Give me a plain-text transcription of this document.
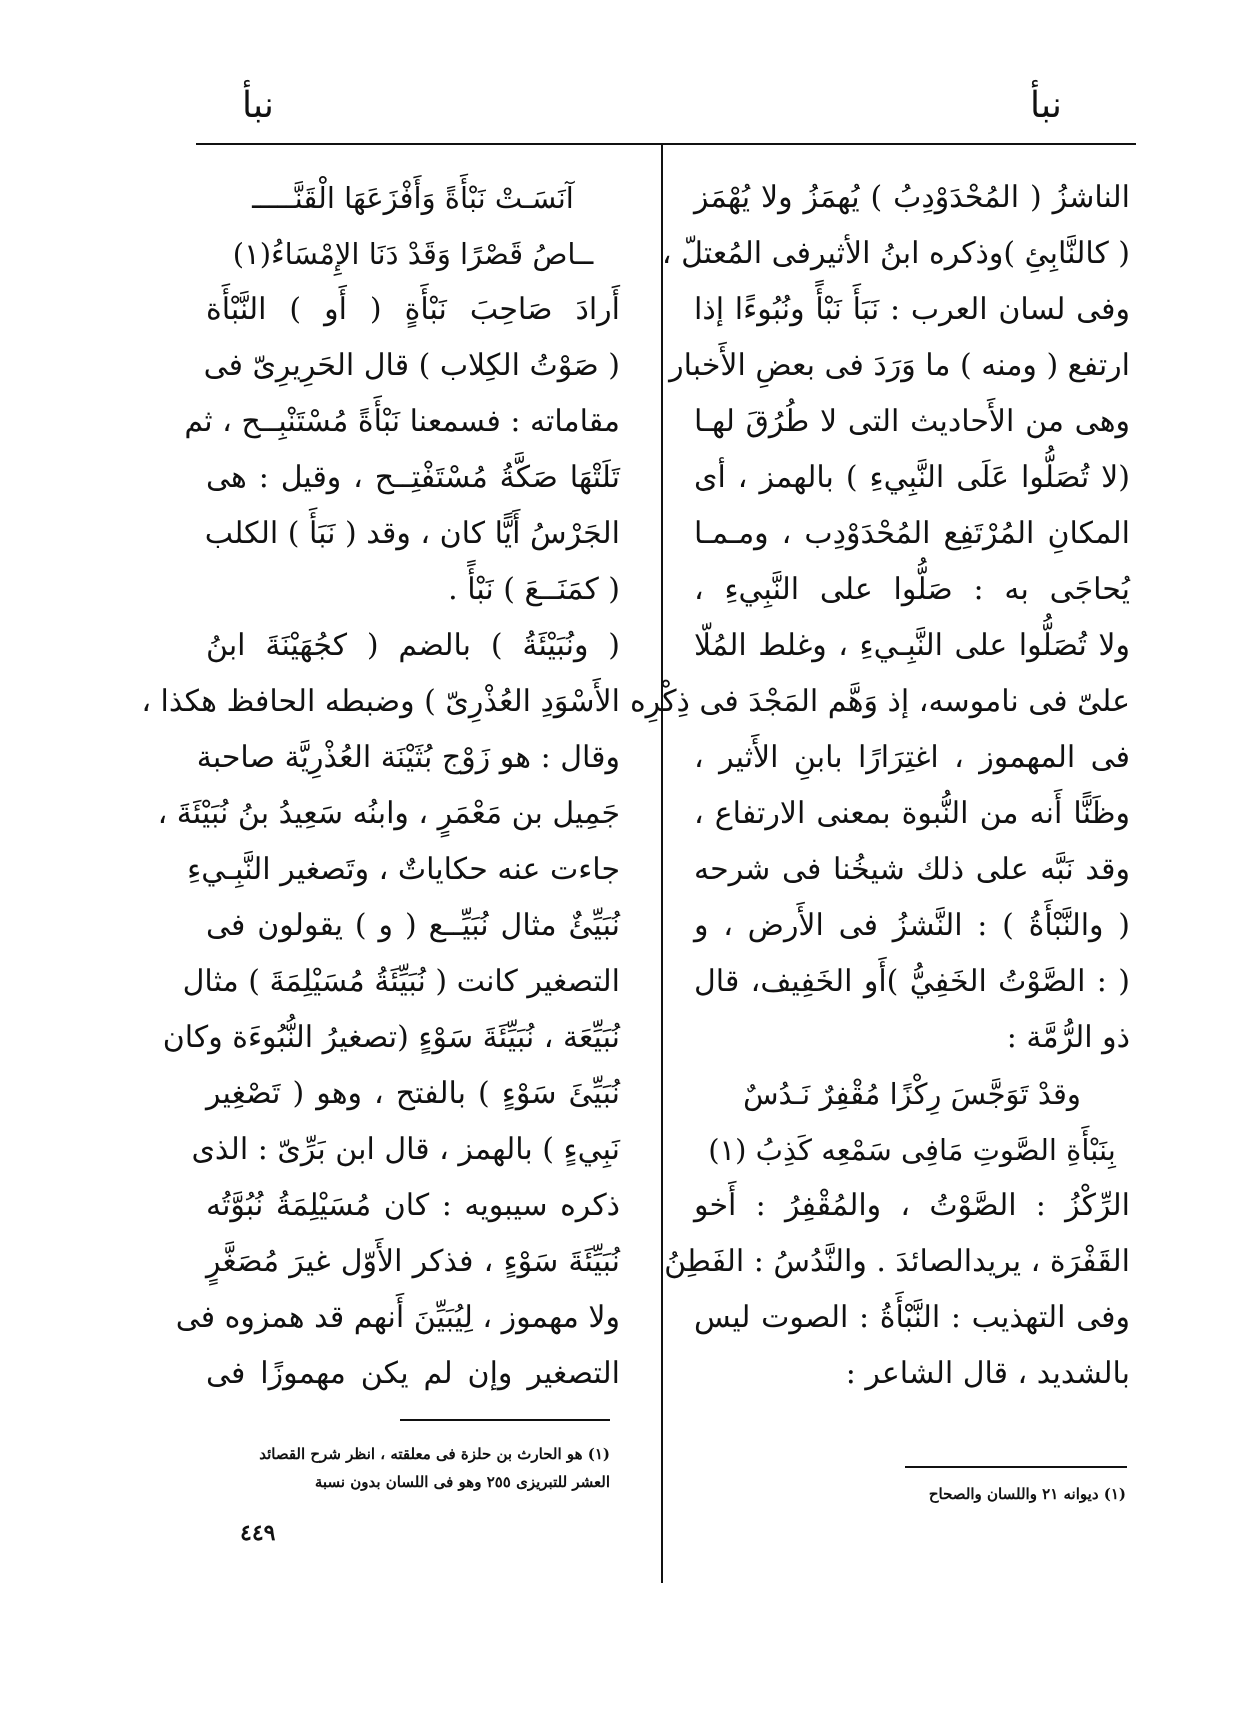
نبأ	نبأ
الناشزُ ( المُحْدَوْدِبُ ) يُهمَزُ ولا يُهْمَز
( كالنَّابِئِ )وذكره ابنُ الأثيرفى المُعتلّ ،
وفى لسان العرب : نَبَأَ نَبْأً ونُبُوءًا إذا
ارتفع ( ومنه ) ما وَرَدَ فى بعضِ الأَخبار
وهى من الأَحاديث التى لا طُرُقَ لهـا
(لا تُصَلُّوا عَلَى النَّبِيءِ ) بالهمز ، أى
المكانِ المُرْتَفِع المُحْدَوْدِب ، ومـمـا
يُحاجَى به : صَلُّوا على النَّبِيءِ ،
ولا تُصَلُّوا على النَّبِـيءِ ، وغلط المُلّا
علىّ فى ناموسه، إذ وَهَّم المَجْدَ فى ذِكْرِه
فى المهموز ، اغتِرَارًا بابنِ الأَثير ،
وظَنًّا أَنه من النُّبوة بمعنى الارتفاع ،
وقد نَبَّه على ذلك شيخُنا فى شرحه
( والنَّبْأَةُ ) : النَّشزُ فى الأَرض ، و
( : الصَّوْتُ الخَفِيُّ )أَو الخَفِيف، قال
ذو الرُّمَّة :
وقدْ تَوَجَّسَ رِكْزًا مُقْفِرٌ نَـدُسٌ
بِنَبْأَةِ الصَّوتِ مَافِى سَمْعِه كَذِبُ (١)
الرِّكْزُ : الصَّوْتُ ، والمُقْفِرُ : أَخو
القَفْرَة ، يريدالصائدَ . والنَّدُسُ : الفَطِنُ
وفى التهذيب : النَّبْأَةُ : الصوت ليس
بالشديد ، قال الشاعر :
آنَسَـتْ نَبْأَةً وَأَفْزَعَهَا الْقَنَّـــــ
ــاصُ قَصْرًا وَقَدْ دَنَا الإِمْسَاءُ(١)
أَرادَ صَاحِبَ نَبْأَةٍ ( أَو ) النَّبْأَة
( صَوْتُ الكِلاب ) قال الحَرِيرِىّ فى
مقاماته : فسمعنا نَبْأَةً مُسْتَنْبِــح ، ثم
تَلَتْهَا صَكَّةُ مُسْتَفْتِــح ، وقيل : هى
الجَرْسُ أَيًّا كان ، وقد ( نَبَأَ ) الكلب
( كمَنَــعَ ) نَبْأً .
( ونُبَيْئَةُ ) بالضم ( كجُهَيْنَةَ ابنُ
الأَسْوَدِ العُذْرِىّ ) وضبطه الحافظ هكذا ،
وقال : هو زَوْج بُثَيْنَة العُذْرِيَّة صاحبة
جَمِيل بن مَعْمَرٍ ، وابنُه سَعِيدُ بنُ نُبَيْئَةَ ،
جاءت عنه حكاياتٌ ، وتَصغير النَّبِـيءِ
نُبَيِّئٌ مثال نُبَيِّــع ( و ) يقولون فى
التصغير كانت ( نُبَيِّئَةُ مُسَيْلِمَةَ ) مثال
نُبَيِّعَة ، نُبَيِّئَةَ سَوْءٍ (تصغيرُ النُّبُوءَة وكان
نُبَيِّئَ سَوْءٍ ) بالفتح ، وهو ( تَصْغِير
نَبِيءٍ ) بالهمز ، قال ابن بَرِّىّ : الذى
ذكره سيبويه : كان مُسَيْلِمَةُ نُبُوَّتُه
نُبَيِّئَةَ سَوْءٍ ، فذكر الأَوّل غيرَ مُصَغَّرٍ
ولا مهموز ، لِيُبَيِّنَ أَنهم قد همزوه فى
التصغير وإن لم يكن مهموزًا فى
(١) ديوانه ٢١ واللسان والصحاح
(١) هو الحارث بن حلزة فى معلقته ، انظر شرح القصائد
العشر للتبريزى ٢٥٥ وهو فى اللسان بدون نسبة
٤٤٩
